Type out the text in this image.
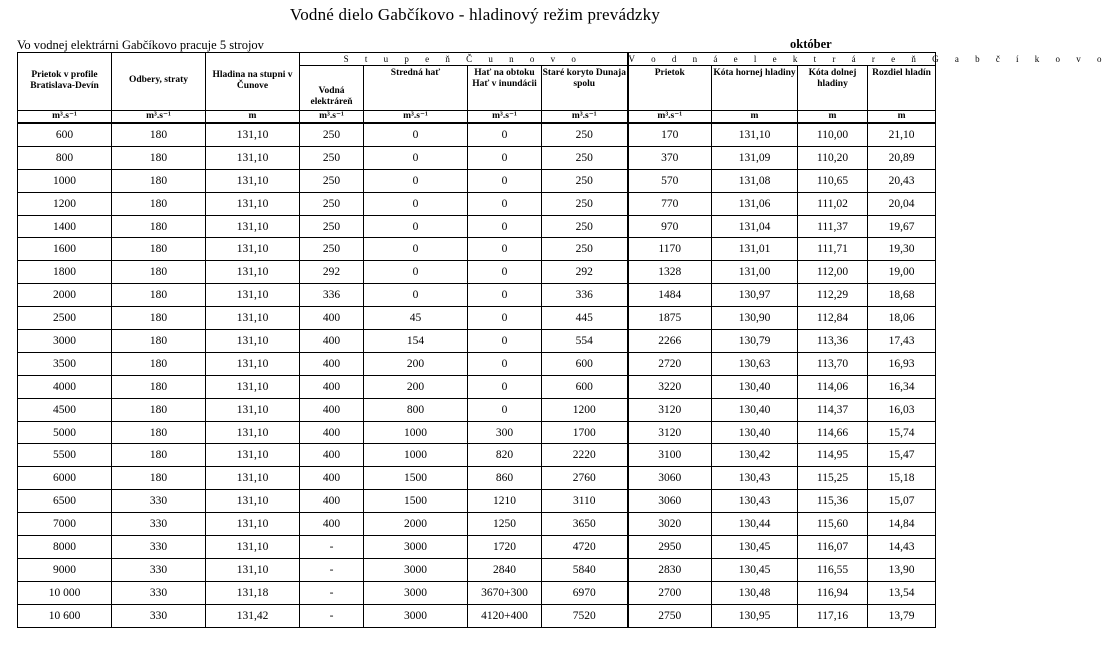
Vodné dielo Gabčíkovo - hladinový režim prevádzky
Vo vodnej elektrárni Gabčíkovo pracuje 5 strojov	október
Prietok v profile Bratislava-Devín	Odbery, straty	Hladina na stupni v Čunove	S t u p e ň Č u n o v o				V o d n á e l e k t r á r e ň G a b č í k o v o			
			Vodná elektráreň	Stredná hať	Hať na obtoku Hať v inundácii	Staré koryto Dunaja spolu	Prietok	Kóta hornej hladiny	Kóta dolnej hladiny	Rozdiel hladín
m³.s⁻¹	m³.s⁻¹	m	m³.s⁻¹	m³.s⁻¹	m³.s⁻¹	m³.s⁻¹	m³.s⁻¹	m	m	m
600	180	131,10	250	0	0	250	170	131,10	110,00	21,10
800	180	131,10	250	0	0	250	370	131,09	110,20	20,89
1000	180	131,10	250	0	0	250	570	131,08	110,65	20,43
1200	180	131,10	250	0	0	250	770	131,06	111,02	20,04
1400	180	131,10	250	0	0	250	970	131,04	111,37	19,67
1600	180	131,10	250	0	0	250	1170	131,01	111,71	19,30
1800	180	131,10	292	0	0	292	1328	131,00	112,00	19,00
2000	180	131,10	336	0	0	336	1484	130,97	112,29	18,68
2500	180	131,10	400	45	0	445	1875	130,90	112,84	18,06
3000	180	131,10	400	154	0	554	2266	130,79	113,36	17,43
3500	180	131,10	400	200	0	600	2720	130,63	113,70	16,93
4000	180	131,10	400	200	0	600	3220	130,40	114,06	16,34
4500	180	131,10	400	800	0	1200	3120	130,40	114,37	16,03
5000	180	131,10	400	1000	300	1700	3120	130,40	114,66	15,74
5500	180	131,10	400	1000	820	2220	3100	130,42	114,95	15,47
6000	180	131,10	400	1500	860	2760	3060	130,43	115,25	15,18
6500	330	131,10	400	1500	1210	3110	3060	130,43	115,36	15,07
7000	330	131,10	400	2000	1250	3650	3020	130,44	115,60	14,84
8000	330	131,10	-	3000	1720	4720	2950	130,45	116,07	14,43
9000	330	131,10	-	3000	2840	5840	2830	130,45	116,55	13,90
10 000	330	131,18	-	3000	3670+300	6970	2700	130,48	116,94	13,54
10 600	330	131,42	-	3000	4120+400	7520	2750	130,95	117,16	13,79
